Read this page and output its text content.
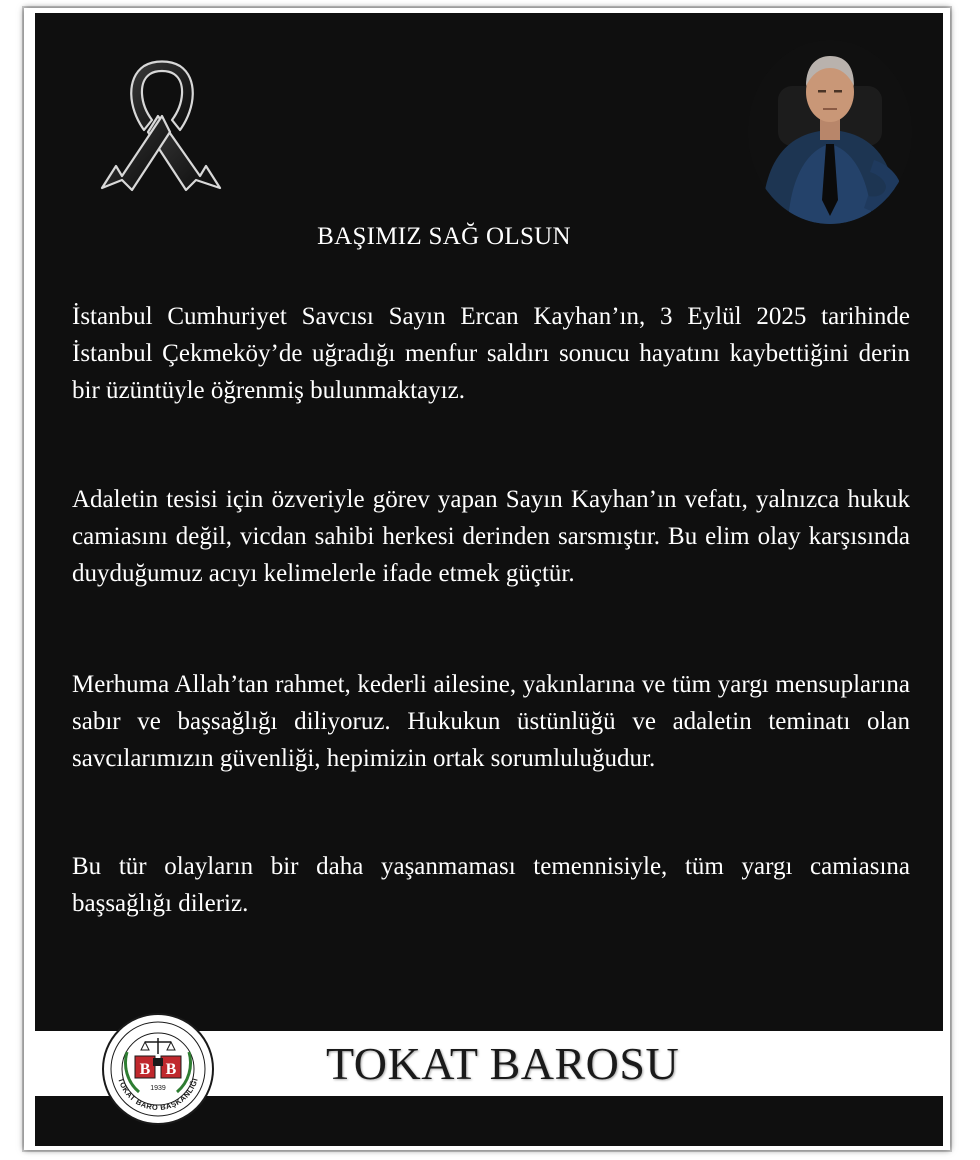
BAŞIMIZ SAĞ OLSUN

İstanbul Cumhuriyet Savcısı Sayın Ercan Kayhan’ın, 3 Eylül 2025 tarihinde İstanbul Çekmeköy’de uğradığı menfur saldırı sonucu hayatını kaybettiğini derin bir üzüntüyle öğrenmiş bulunmaktayız.

Adaletin tesisi için özveriyle görev yapan Sayın Kayhan’ın vefatı, yalnızca hukuk camiasını değil, vicdan sahibi herkesi derinden sarsmıştır. Bu elim olay karşısında duyduğumuz acıyı kelimelerle ifade etmek güçtür.

Merhuma Allah’tan rahmet, kederli ailesine, yakınlarına ve tüm yargı mensuplarına sabır ve başsağlığı diliyoruz. Hukukun üstünlüğü ve adaletin teminatı olan savcılarımızın güvenliği, hepimizin ortak sorumluluğudur.

Bu tür olayların bir daha yaşanmaması temennisiyle, tüm yargı camiasına başsağlığı dileriz.

B B
1939
TOKAT BARO BAŞKANLIĞI	TOKAT BAROSU
